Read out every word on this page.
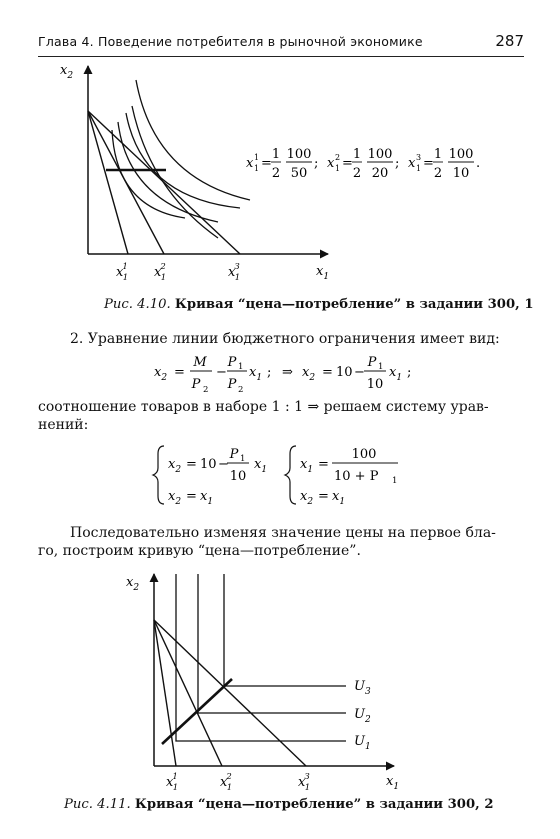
Глава 4. Поведение потребителя в рыночной экономике	287
$x_2$
$x_1$
x1 1 x2 1	x3 1
x 1
1 =
1
2
100
50
; x 2
1 =
1
2
100
20
; x 3
1 =
1
2
100
10
.
Рис. 4.10. Кривая “цена—потребление” в задании 300, 1
2. Уравнение линии бюджетного ограничения имеет вид:
$x_2$ =
M
P 2
−
P 1
P 2
$x_1$ ; ⇒ $x_2 = 10$ −
P 1
10
$x_1$ ;
соотношение товаров в наборе 1 : 1 ⇒ решаем систему урав-
нений:
$x_2 = 10$ −
P 1
10
$x_1$
$x_2 = x_1$
$x_1$ =
100
10 + P 1
$x_2 = x_1$
Последовательно изменяя значение цены на первое бла-
го, построим кривую “цена—потребление”.
$x_2$
$x_1$
$U_3$
$U_2$
$U_1$
x1 1	x2 1	x3 1
Рис. 4.11. Кривая “цена—потребление” в задании 300, 2
